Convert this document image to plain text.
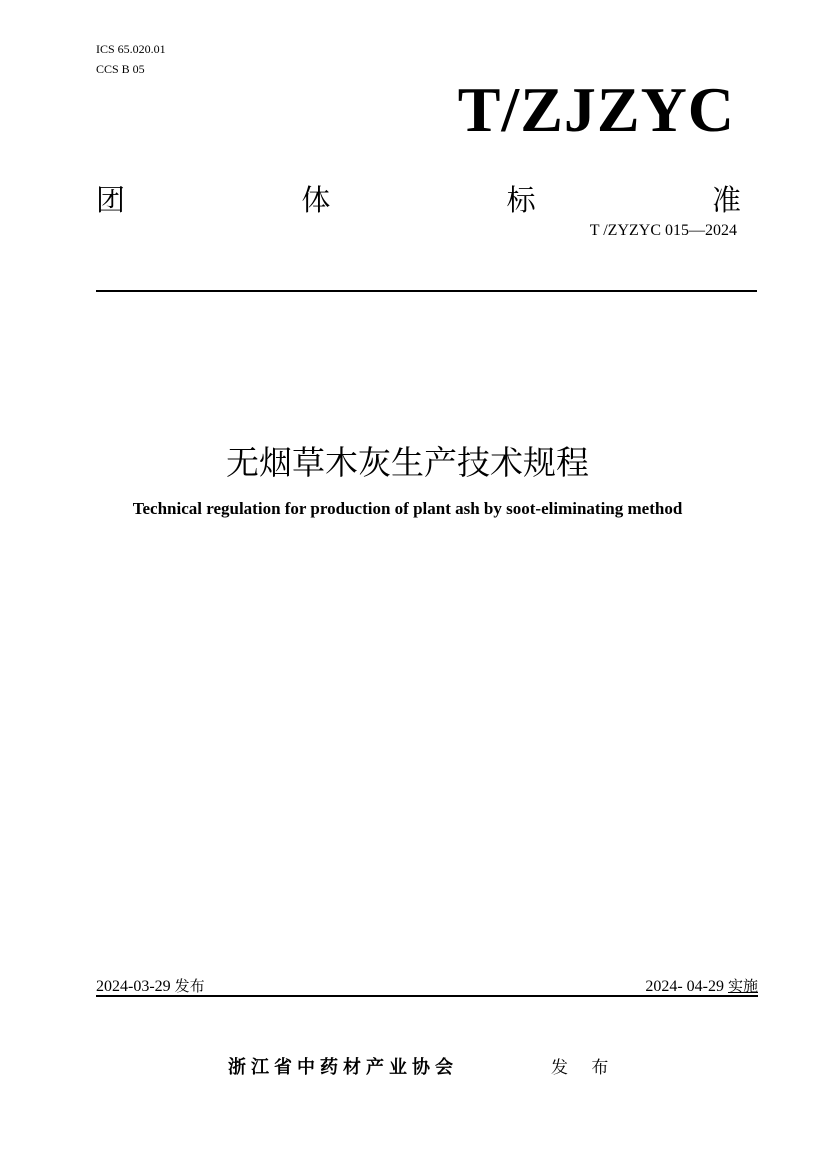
ICS 65.020.01
CCS B 05
T/ZJZYC
团	体	标	准
T /ZYZYC 015—2024
无烟草木灰生产技术规程
Technical regulation for production of plant ash by soot-eliminating method
2024-03-29 发布	2024- 04-29 实施
浙江省中药材产业协会	发 布
